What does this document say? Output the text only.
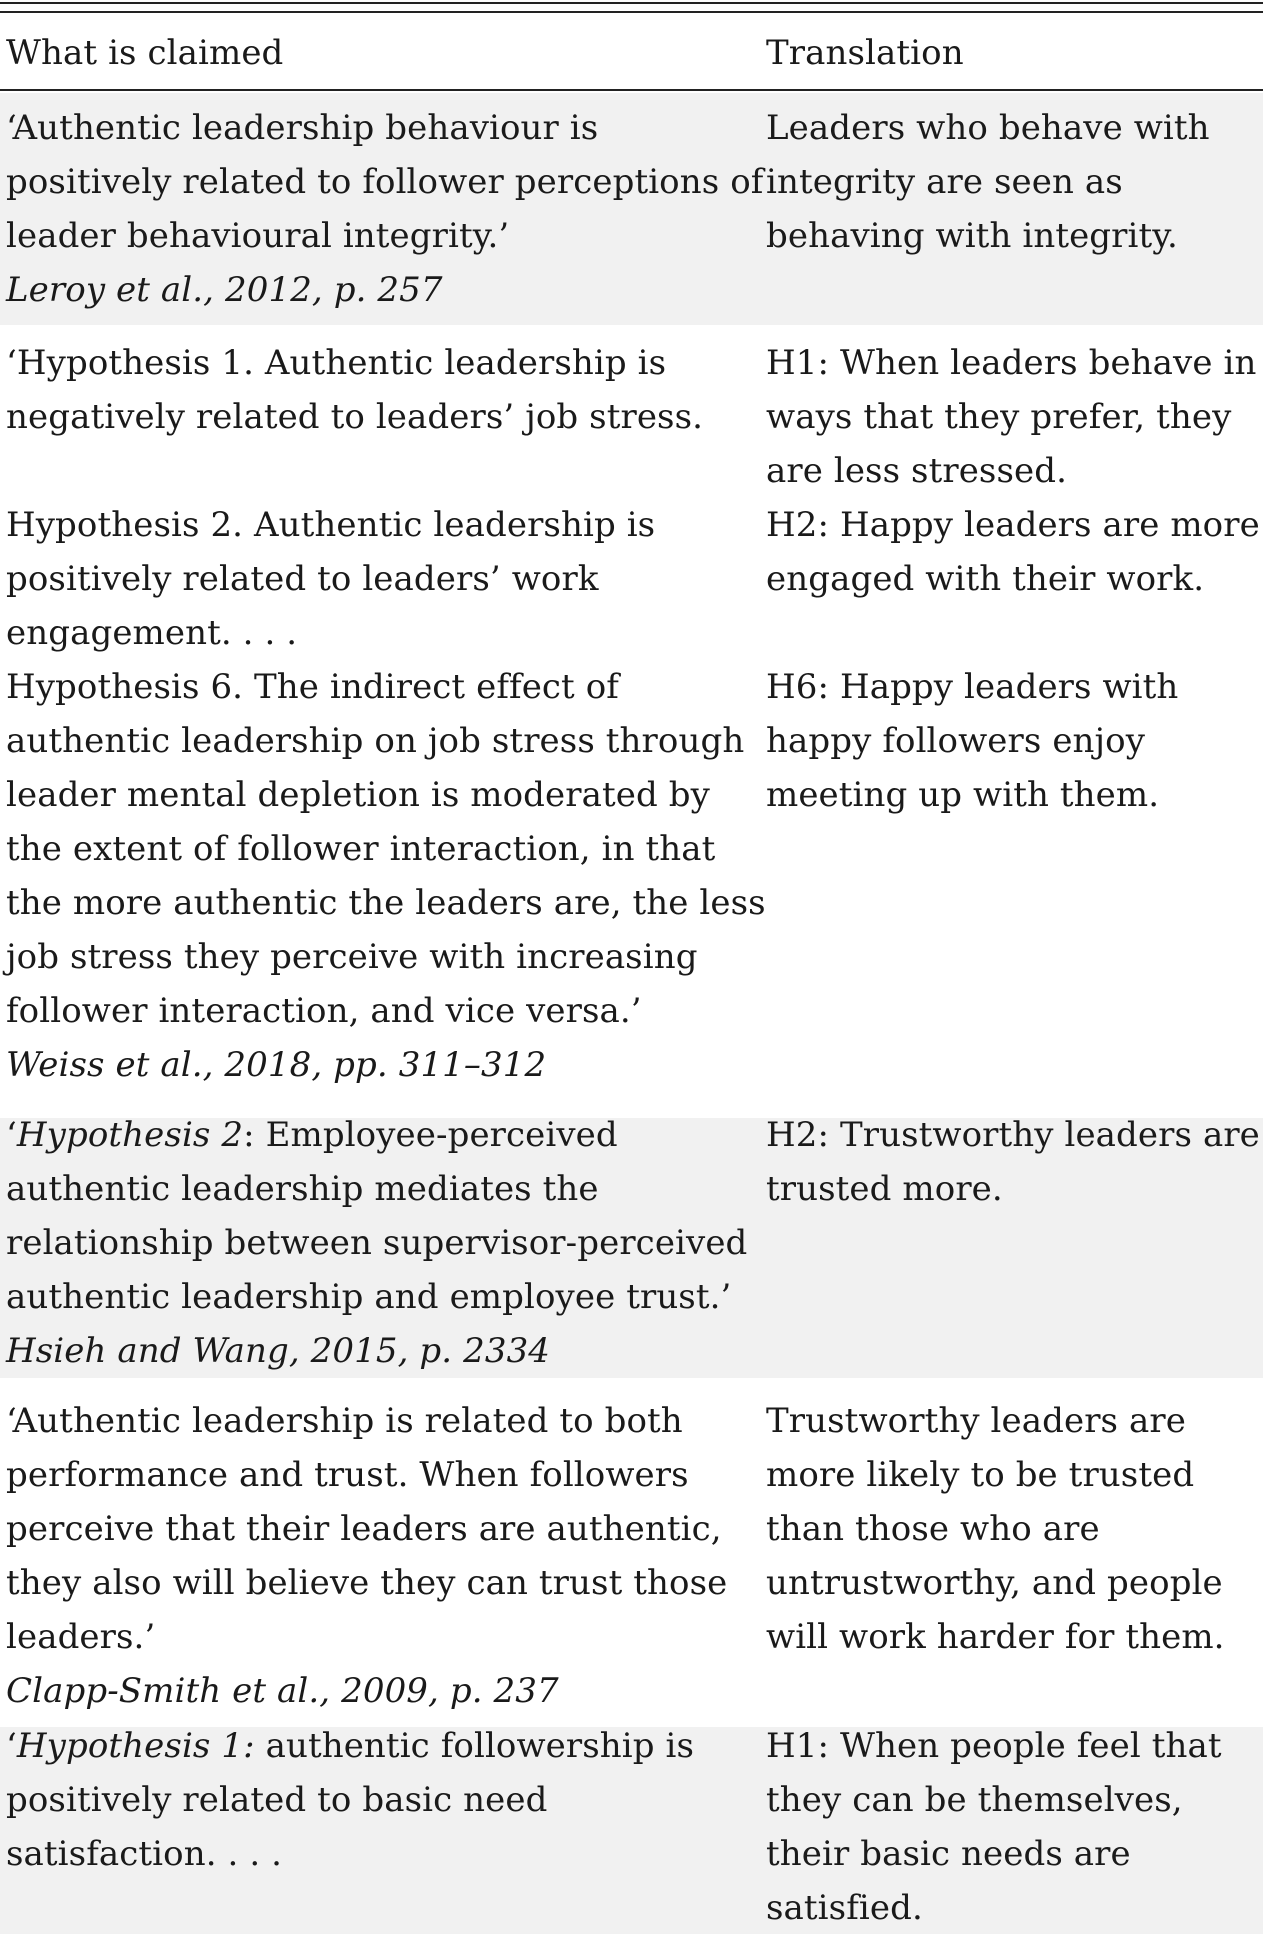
What is claimed	Translation
‘Authentic leadership behaviour is
positively related to follower perceptions of
leader behavioural integrity.’
Leroy et al., 2012, p. 257
Leaders who behave with
integrity are seen as
behaving with integrity.
‘Hypothesis 1. Authentic leadership is
negatively related to leaders’ job stress.
H1: When leaders behave in
ways that they prefer, they
are less stressed.
Hypothesis 2. Authentic leadership is
positively related to leaders’ work
engagement. . . .
H2: Happy leaders are more
engaged with their work.
Hypothesis 6. The indirect effect of
authentic leadership on job stress through
leader mental depletion is moderated by
the extent of follower interaction, in that
the more authentic the leaders are, the less
job stress they perceive with increasing
follower interaction, and vice versa.’
Weiss et al., 2018, pp. 311–312
H6: Happy leaders with
happy followers enjoy
meeting up with them.
‘Hypothesis 2: Employee-perceived
authentic leadership mediates the
relationship between supervisor-perceived
authentic leadership and employee trust.’
Hsieh and Wang, 2015, p. 2334
H2: Trustworthy leaders are
trusted more.
‘Authentic leadership is related to both
performance and trust. When followers
perceive that their leaders are authentic,
they also will believe they can trust those
leaders.’
Clapp-Smith et al., 2009, p. 237
Trustworthy leaders are
more likely to be trusted
than those who are
untrustworthy, and people
will work harder for them.
‘Hypothesis 1: authentic followership is
positively related to basic need
satisfaction. . . .
H1: When people feel that
they can be themselves,
their basic needs are
satisfied.
